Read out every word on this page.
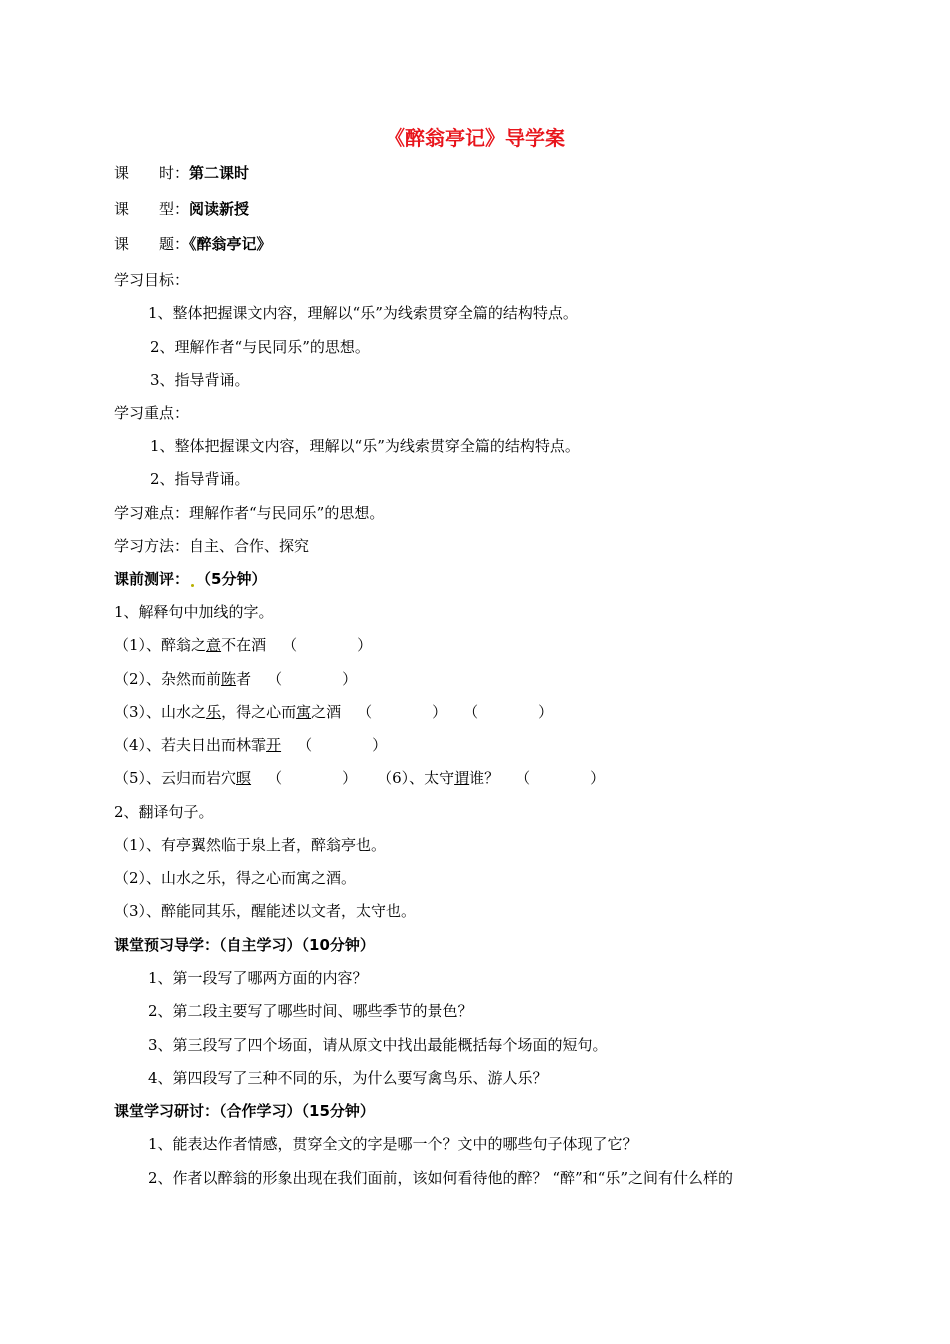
《醉翁亭记》导学案
课 时：第二课时
课 型：阅读新授
课 题：《醉翁亭记》
学习目标：
1、整体把握课文内容，理解以“乐”为线索贯穿全篇的结构特点。
2、理解作者“与民同乐”的思想。
3、指导背诵。
学习重点：
1、整体把握课文内容，理解以“乐”为线索贯穿全篇的结构特点。
2、指导背诵。
学习难点：理解作者“与民同乐”的思想。
学习方法：自主、合作、探究
课前测评： （5分钟）
1、解释句中加线的字。
（1）、醉翁之意不在酒 （　　　　）
（2）、杂然而前陈者 （　　　　）
（3）、山水之乐，得之心而寓之酒 （　　　　） （　　　　）
（4）、若夫日出而林霏开 （　　　　）
（5）、云归而岩穴暝 （　　　　） （6）、太守谓谁？ （　　　　）
2、翻译句子。
（1）、有亭翼然临于泉上者，醉翁亭也。
（2）、山水之乐，得之心而寓之酒。
（3）、醉能同其乐，醒能述以文者，太守也。
课堂预习导学：（自主学习）（10分钟）
1、第一段写了哪两方面的内容？
2、第二段主要写了哪些时间、哪些季节的景色？
3、第三段写了四个场面，请从原文中找出最能概括每个场面的短句。
4、第四段写了三种不同的乐，为什么要写禽鸟乐、游人乐？
课堂学习研讨：（合作学习）（15分钟）
1、能表达作者情感，贯穿全文的字是哪一个？文中的哪些句子体现了它？
2、作者以醉翁的形象出现在我们面前，该如何看待他的醉？ “醉”和“乐”之间有什么样的
